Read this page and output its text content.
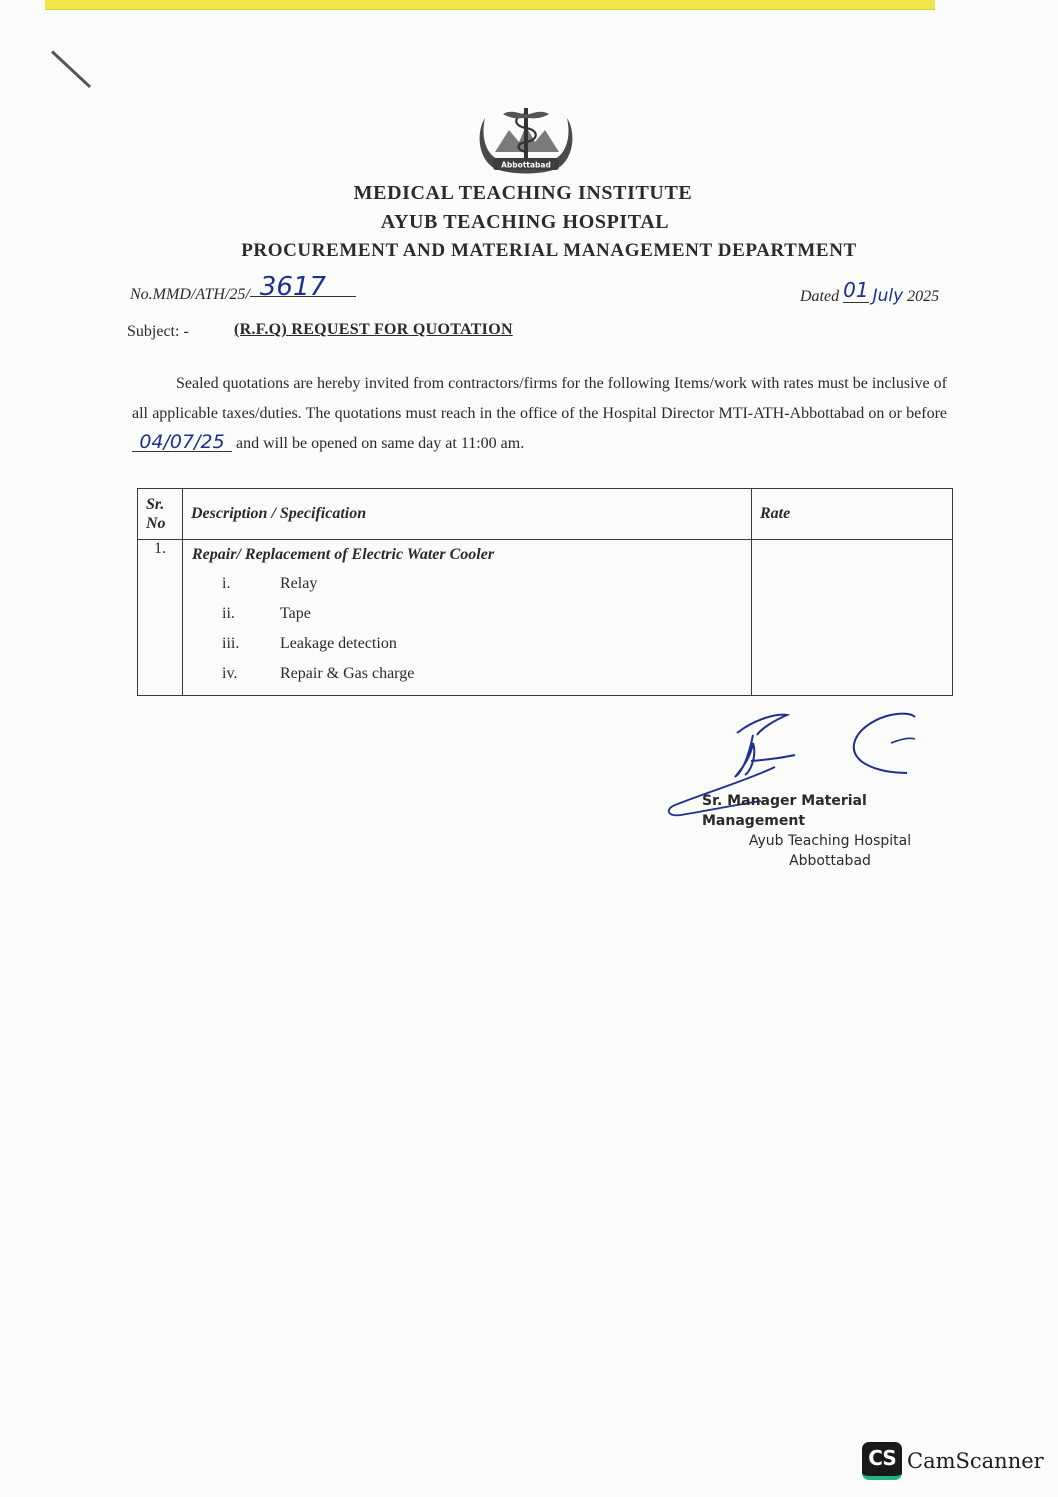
Abbottabad
MEDICAL TEACHING INSTITUTE
AYUB TEACHING HOSPITAL
PROCUREMENT AND MATERIAL MANAGEMENT DEPARTMENT
No.MMD/ATH/25/ 3617	Dated 01 July 2025
Subject: -	(R.F.Q) REQUEST FOR QUOTATION
Sealed quotations are hereby invited from contractors/firms for the following Items/work with rates must be inclusive of all applicable taxes/duties. The quotations must reach in the office of the Hospital Director MTI-ATH-Abbottabad on or before 04/07/25 and will be opened on same day at 11:00 am.
Sr. No	Description / Specification	Rate
1.	Repair/ Replacement of Electric Water Cooler
i. Relay
ii. Tape
iii. Leakage detection
iv. Repair & Gas charge	

Sr. Manager Material Management
Ayub Teaching Hospital
Abbottabad
CS CamScanner
